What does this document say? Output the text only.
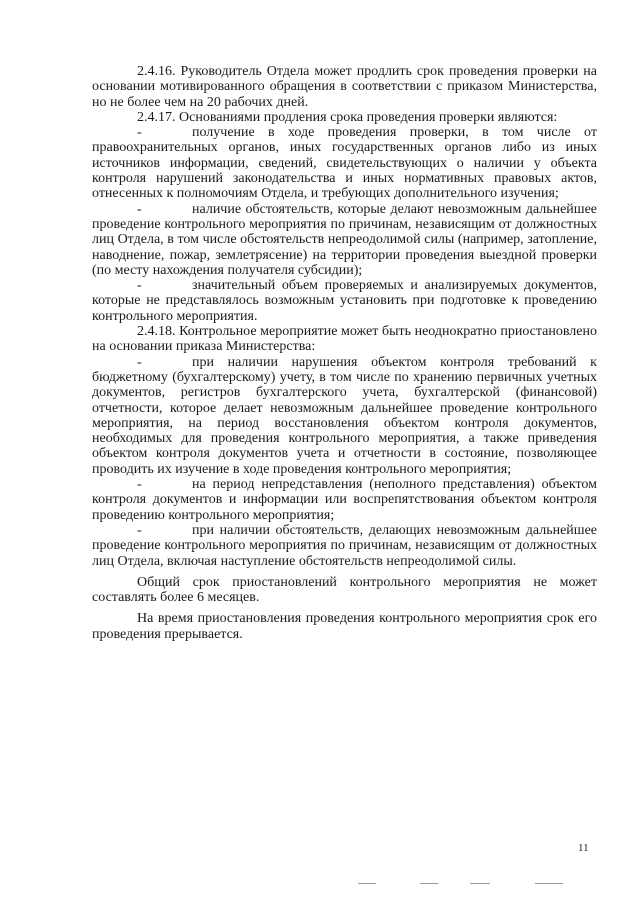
2.4.16. Руководитель Отдела может продлить срок проведения проверки на основании мотивированного обращения в соответствии с приказом Министерства, но не более чем на 20 рабочих дней.

2.4.17. Основаниями продления срока проведения проверки являются:

-	получение в ходе проведения проверки, в том числе от правоохранительных органов, иных государственных органов либо из иных источников информации, сведений, свидетельствующих о наличии у объекта контроля нарушений законодательства и иных нормативных правовых актов, отнесенных к полномочиям Отдела, и требующих дополнительного изучения;

-	наличие обстоятельств, которые делают невозможным дальнейшее проведение контрольного мероприятия по причинам, независящим от должностных лиц Отдела, в том числе обстоятельств непреодолимой силы (например, затопление, наводнение, пожар, землетрясение) на территории проведения выездной проверки (по месту нахождения получателя субсидии);

-	значительный объем проверяемых и анализируемых документов, которые не представлялось возможным установить при подготовке к проведению контрольного мероприятия.

2.4.18. Контрольное мероприятие может быть неоднократно приостановлено на основании приказа Министерства:

-	при наличии нарушения объектом контроля требований к бюджетному (бухгалтерскому) учету, в том числе по хранению первичных учетных документов, регистров бухгалтерского учета, бухгалтерской (финансовой) отчетности, которое делает невозможным дальнейшее проведение контрольного мероприятия, на период восстановления объектом контроля документов, необходимых для проведения контрольного мероприятия, а также приведения объектом контроля документов учета и отчетности в состояние, позволяющее проводить их изучение в ходе проведения контрольного мероприятия;

-	на период непредставления (неполного представления) объектом контроля документов и информации или воспрепятствования объектом контроля проведению контрольного мероприятия;

-	при наличии обстоятельств, делающих невозможным дальнейшее проведение контрольного мероприятия по причинам, независящим от должностных лиц Отдела, включая наступление обстоятельств непреодолимой силы.

Общий срок приостановлений контрольного мероприятия не может составлять более 6 месяцев.

На время приостановления проведения контрольного мероприятия срок его проведения прерывается.

11
